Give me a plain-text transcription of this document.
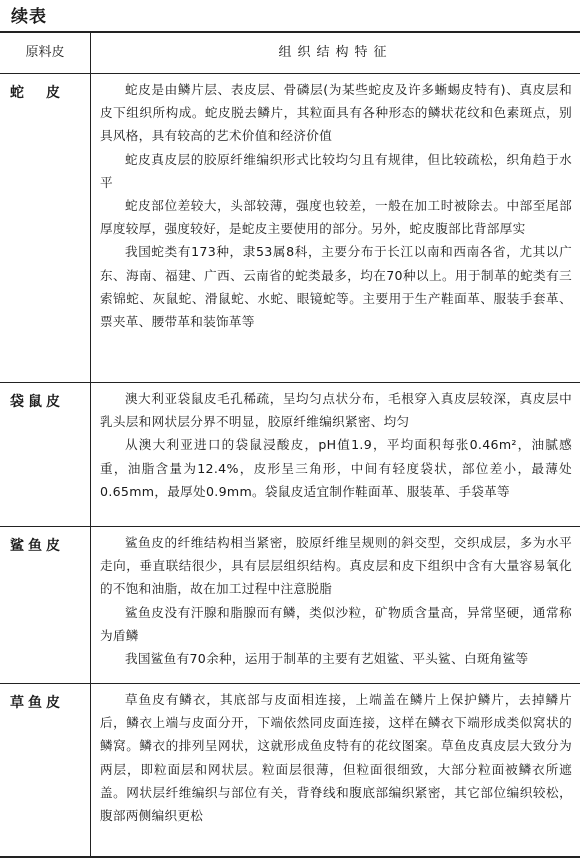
续表
原料皮	组织结构特征
蛇　皮	蛇皮是由鳞片层、表皮层、骨磷层(为某些蛇皮及许多蜥蜴皮特有)、真皮层和皮下组织所构成。蛇皮脱去鳞片，其粒面具有各种形态的鳞状花纹和色素斑点，别具风格，具有较高的艺术价值和经济价值

蛇皮真皮层的胶原纤维编织形式比较均匀且有规律，但比较疏松，织角趋于水平

蛇皮部位差较大，头部较薄，强度也较差，一般在加工时被除去。中部至尾部厚度较厚，强度较好，是蛇皮主要使用的部分。另外，蛇皮腹部比背部厚实

我国蛇类有173种，隶53属8科，主要分布于长江以南和西南各省，尤其以广东、海南、福建、广西、云南省的蛇类最多，均在70种以上。用于制革的蛇类有三索锦蛇、灰鼠蛇、滑鼠蛇、水蛇、眼镜蛇等。主要用于生产鞋面革、服装手套革、票夹革、腰带革和装饰革等

袋鼠皮	澳大利亚袋鼠皮毛孔稀疏，呈均匀点状分布，毛根穿入真皮层较深，真皮层中乳头层和网状层分界不明显，胶原纤维编织紧密、均匀

从澳大利亚进口的袋鼠浸酸皮，pH值1.9，平均面积每张0.46m²，油腻感重，油脂含量为12.4%，皮形呈三角形，中间有轻度袋状，部位差小，最薄处0.65mm，最厚处0.9mm。袋鼠皮适宜制作鞋面革、服装革、手袋革等

鲨鱼皮	鲨鱼皮的纤维结构相当紧密，胶原纤维呈规则的斜交型，交织成层，多为水平走向，垂直联结很少，具有层层组织结构。真皮层和皮下组织中含有大量容易氧化的不饱和油脂，故在加工过程中注意脱脂

鲨鱼皮没有汗腺和脂腺而有鳞，类似沙粒，矿物质含量高，异常坚硬，通常称为盾鳞

我国鲨鱼有70余种，运用于制革的主要有艺姐鲨、平头鲨、白斑角鲨等

草鱼皮	草鱼皮有鳞衣，其底部与皮面相连接，上端盖在鳞片上保护鳞片，去掉鳞片后，鳞衣上端与皮面分开，下端依然同皮面连接，这样在鳞衣下端形成类似窝状的鳞窝。鳞衣的排列呈网状，这就形成鱼皮特有的花纹图案。草鱼皮真皮层大致分为两层，即粒面层和网状层。粒面层很薄，但粒面很细致，大部分粒面被鳞衣所遮盖。网状层纤维编织与部位有关，背脊线和腹底部编织紧密，其它部位编织较松，腹部两侧编织更松
